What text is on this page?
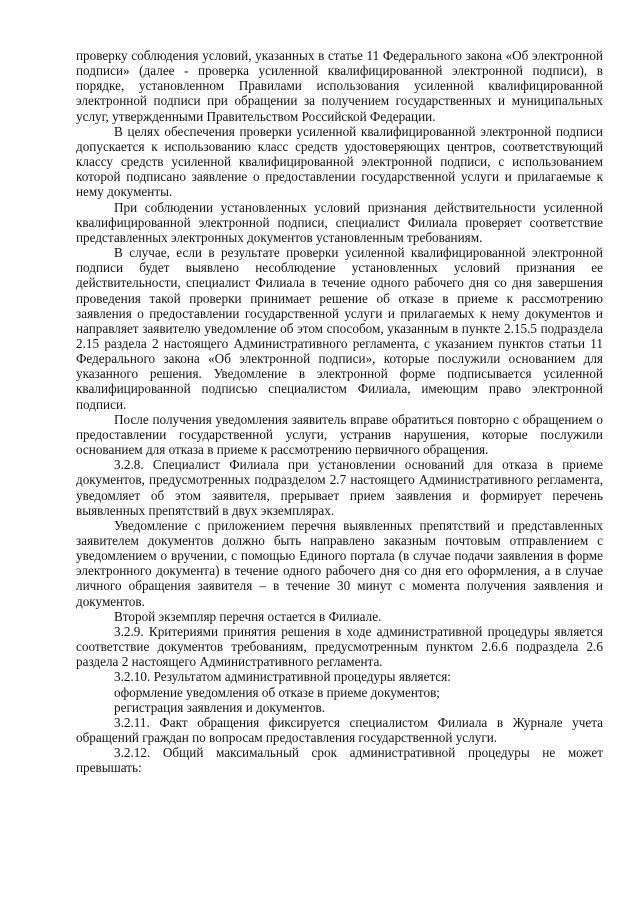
проверку соблюдения условий, указанных в статье 11 Федерального закона «Об электронной подписи» (далее - проверка усиленной квалифицированной электронной подписи), в порядке, установленном Правилами использования усиленной квалифицированной электронной подписи при обращении за получением государственных и муниципальных услуг, утвержденными Правительством Российской Федерации.

В целях обеспечения проверки усиленной квалифицированной электронной подписи допускается к использованию класс средств удостоверяющих центров, соответствующий классу средств усиленной квалифицированной электронной подписи, с использованием которой подписано заявление о предоставлении государственной услуги и прилагаемые к нему документы.

При соблюдении установленных условий признания действительности усиленной квалифицированной электронной подписи, специалист Филиала проверяет соответствие представленных электронных документов установленным требованиям.

В случае, если в результате проверки усиленной квалифицированной электронной подписи будет выявлено несоблюдение установленных условий признания ее действительности, специалист Филиала в течение одного рабочего дня со дня завершения проведения такой проверки принимает решение об отказе в приеме к рассмотрению заявления о предоставлении государственной услуги и прилагаемых к нему документов и направляет заявителю уведомление об этом способом, указанным в пункте 2.15.5 подраздела 2.15 раздела 2 настоящего Административного регламента, с указанием пунктов статьи 11 Федерального закона «Об электронной подписи», которые послужили основанием для указанного решения. Уведомление в электронной форме подписывается усиленной квалифицированной подписью специалистом Филиала, имеющим право электронной подписи.

После получения уведомления заявитель вправе обратиться повторно с обращением о предоставлении государственной услуги, устранив нарушения, которые послужили основанием для отказа в приеме к рассмотрению первичного обращения.

3.2.8. Специалист Филиала при установлении оснований для отказа в приеме документов, предусмотренных подразделом 2.7 настоящего Административного регламента, уведомляет об этом заявителя, прерывает прием заявления и формирует перечень выявленных препятствий в двух экземплярах.

Уведомление с приложением перечня выявленных препятствий и представленных заявителем документов должно быть направлено заказным почтовым отправлением с уведомлением о вручении, с помощью Единого портала (в случае подачи заявления в форме электронного документа) в течение одного рабочего дня со дня его оформления, а в случае личного обращения заявителя – в течение 30 минут с момента получения заявления и документов.

Второй экземпляр перечня остается в Филиале.

3.2.9. Критериями принятия решения в ходе административной процедуры является соответствие документов требованиям, предусмотренным пунктом 2.6.6 подраздела 2.6 раздела 2 настоящего Административного регламента.

3.2.10. Результатом административной процедуры является:

оформление уведомления об отказе в приеме документов;

регистрация заявления и документов.

3.2.11. Факт обращения фиксируется специалистом Филиала в Журнале учета обращений граждан по вопросам предоставления государственной услуги.

3.2.12. Общий максимальный срок административной процедуры не может превышать:
